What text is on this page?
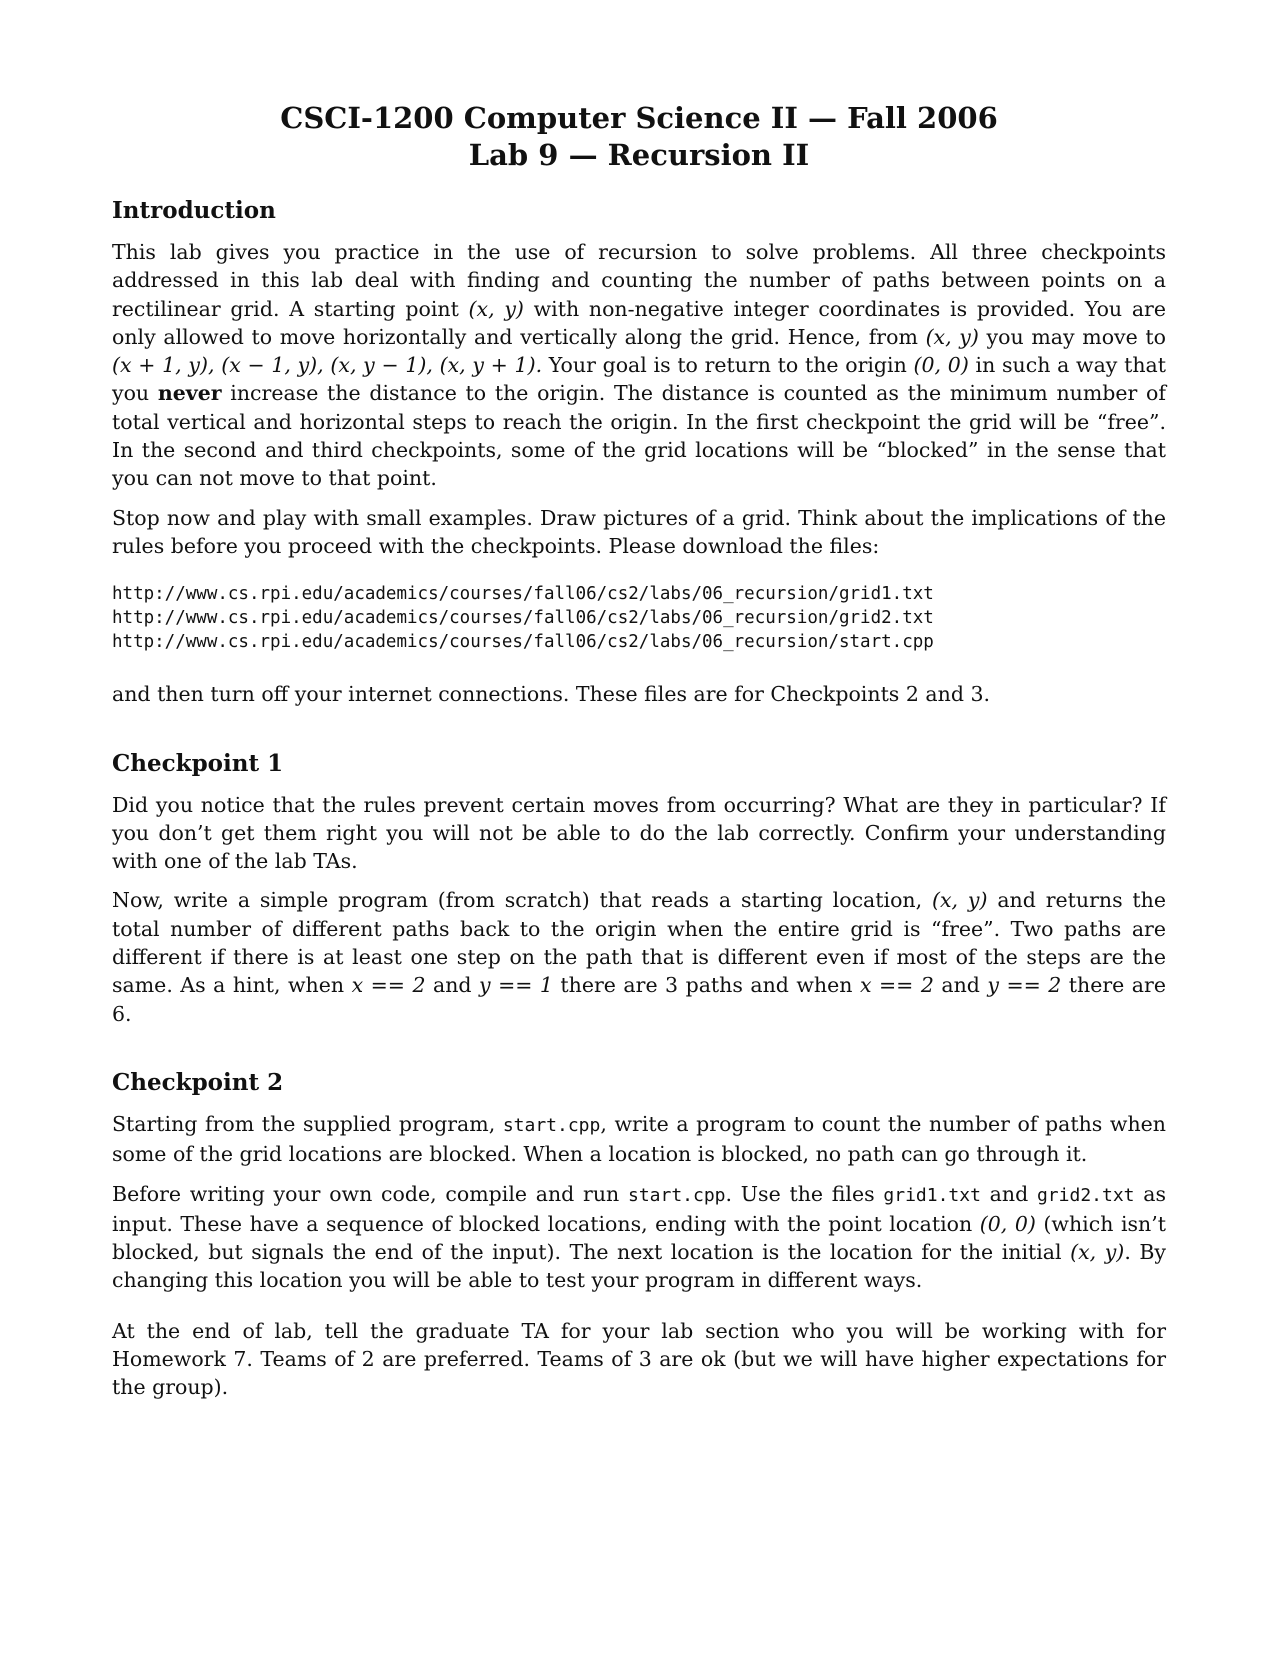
CSCI-1200 Computer Science II — Fall 2006
Lab 9 — Recursion II
Introduction

This lab gives you practice in the use of recursion to solve problems. All three checkpoints addressed in this lab deal with finding and counting the number of paths between points on a rectilinear grid. A starting point (x, y) with non-negative integer coordinates is provided. You are only allowed to move horizontally and vertically along the grid. Hence, from (x, y) you may move to (x + 1, y), (x − 1, y), (x, y − 1), (x, y + 1). Your goal is to return to the origin (0, 0) in such a way that you never increase the distance to the origin. The distance is counted as the minimum number of total vertical and horizontal steps to reach the origin. In the first checkpoint the grid will be “free”. In the second and third checkpoints, some of the grid locations will be “blocked” in the sense that you can not move to that point.

Stop now and play with small examples. Draw pictures of a grid. Think about the implications of the rules before you proceed with the checkpoints. Please download the files:

http://www.cs.rpi.edu/academics/courses/fall06/cs2/labs/06_recursion/grid1.txt
http://www.cs.rpi.edu/academics/courses/fall06/cs2/labs/06_recursion/grid2.txt
http://www.cs.rpi.edu/academics/courses/fall06/cs2/labs/06_recursion/start.cpp

and then turn off your internet connections. These files are for Checkpoints 2 and 3.

Checkpoint 1

Did you notice that the rules prevent certain moves from occurring? What are they in particular? If you don’t get them right you will not be able to do the lab correctly. Confirm your understanding with one of the lab TAs.

Now, write a simple program (from scratch) that reads a starting location, (x, y) and returns the total number of different paths back to the origin when the entire grid is “free”. Two paths are different if there is at least one step on the path that is different even if most of the steps are the same. As a hint, when x == 2 and y == 1 there are 3 paths and when x == 2 and y == 2 there are 6.

Checkpoint 2

Starting from the supplied program, start.cpp, write a program to count the number of paths when some of the grid locations are blocked. When a location is blocked, no path can go through it.

Before writing your own code, compile and run start.cpp. Use the files grid1.txt and grid2.txt as input. These have a sequence of blocked locations, ending with the point location (0, 0) (which isn’t blocked, but signals the end of the input). The next location is the location for the initial (x, y). By changing this location you will be able to test your program in different ways.

At the end of lab, tell the graduate TA for your lab section who you will be working with for Homework 7. Teams of 2 are preferred. Teams of 3 are ok (but we will have higher expectations for the group).
